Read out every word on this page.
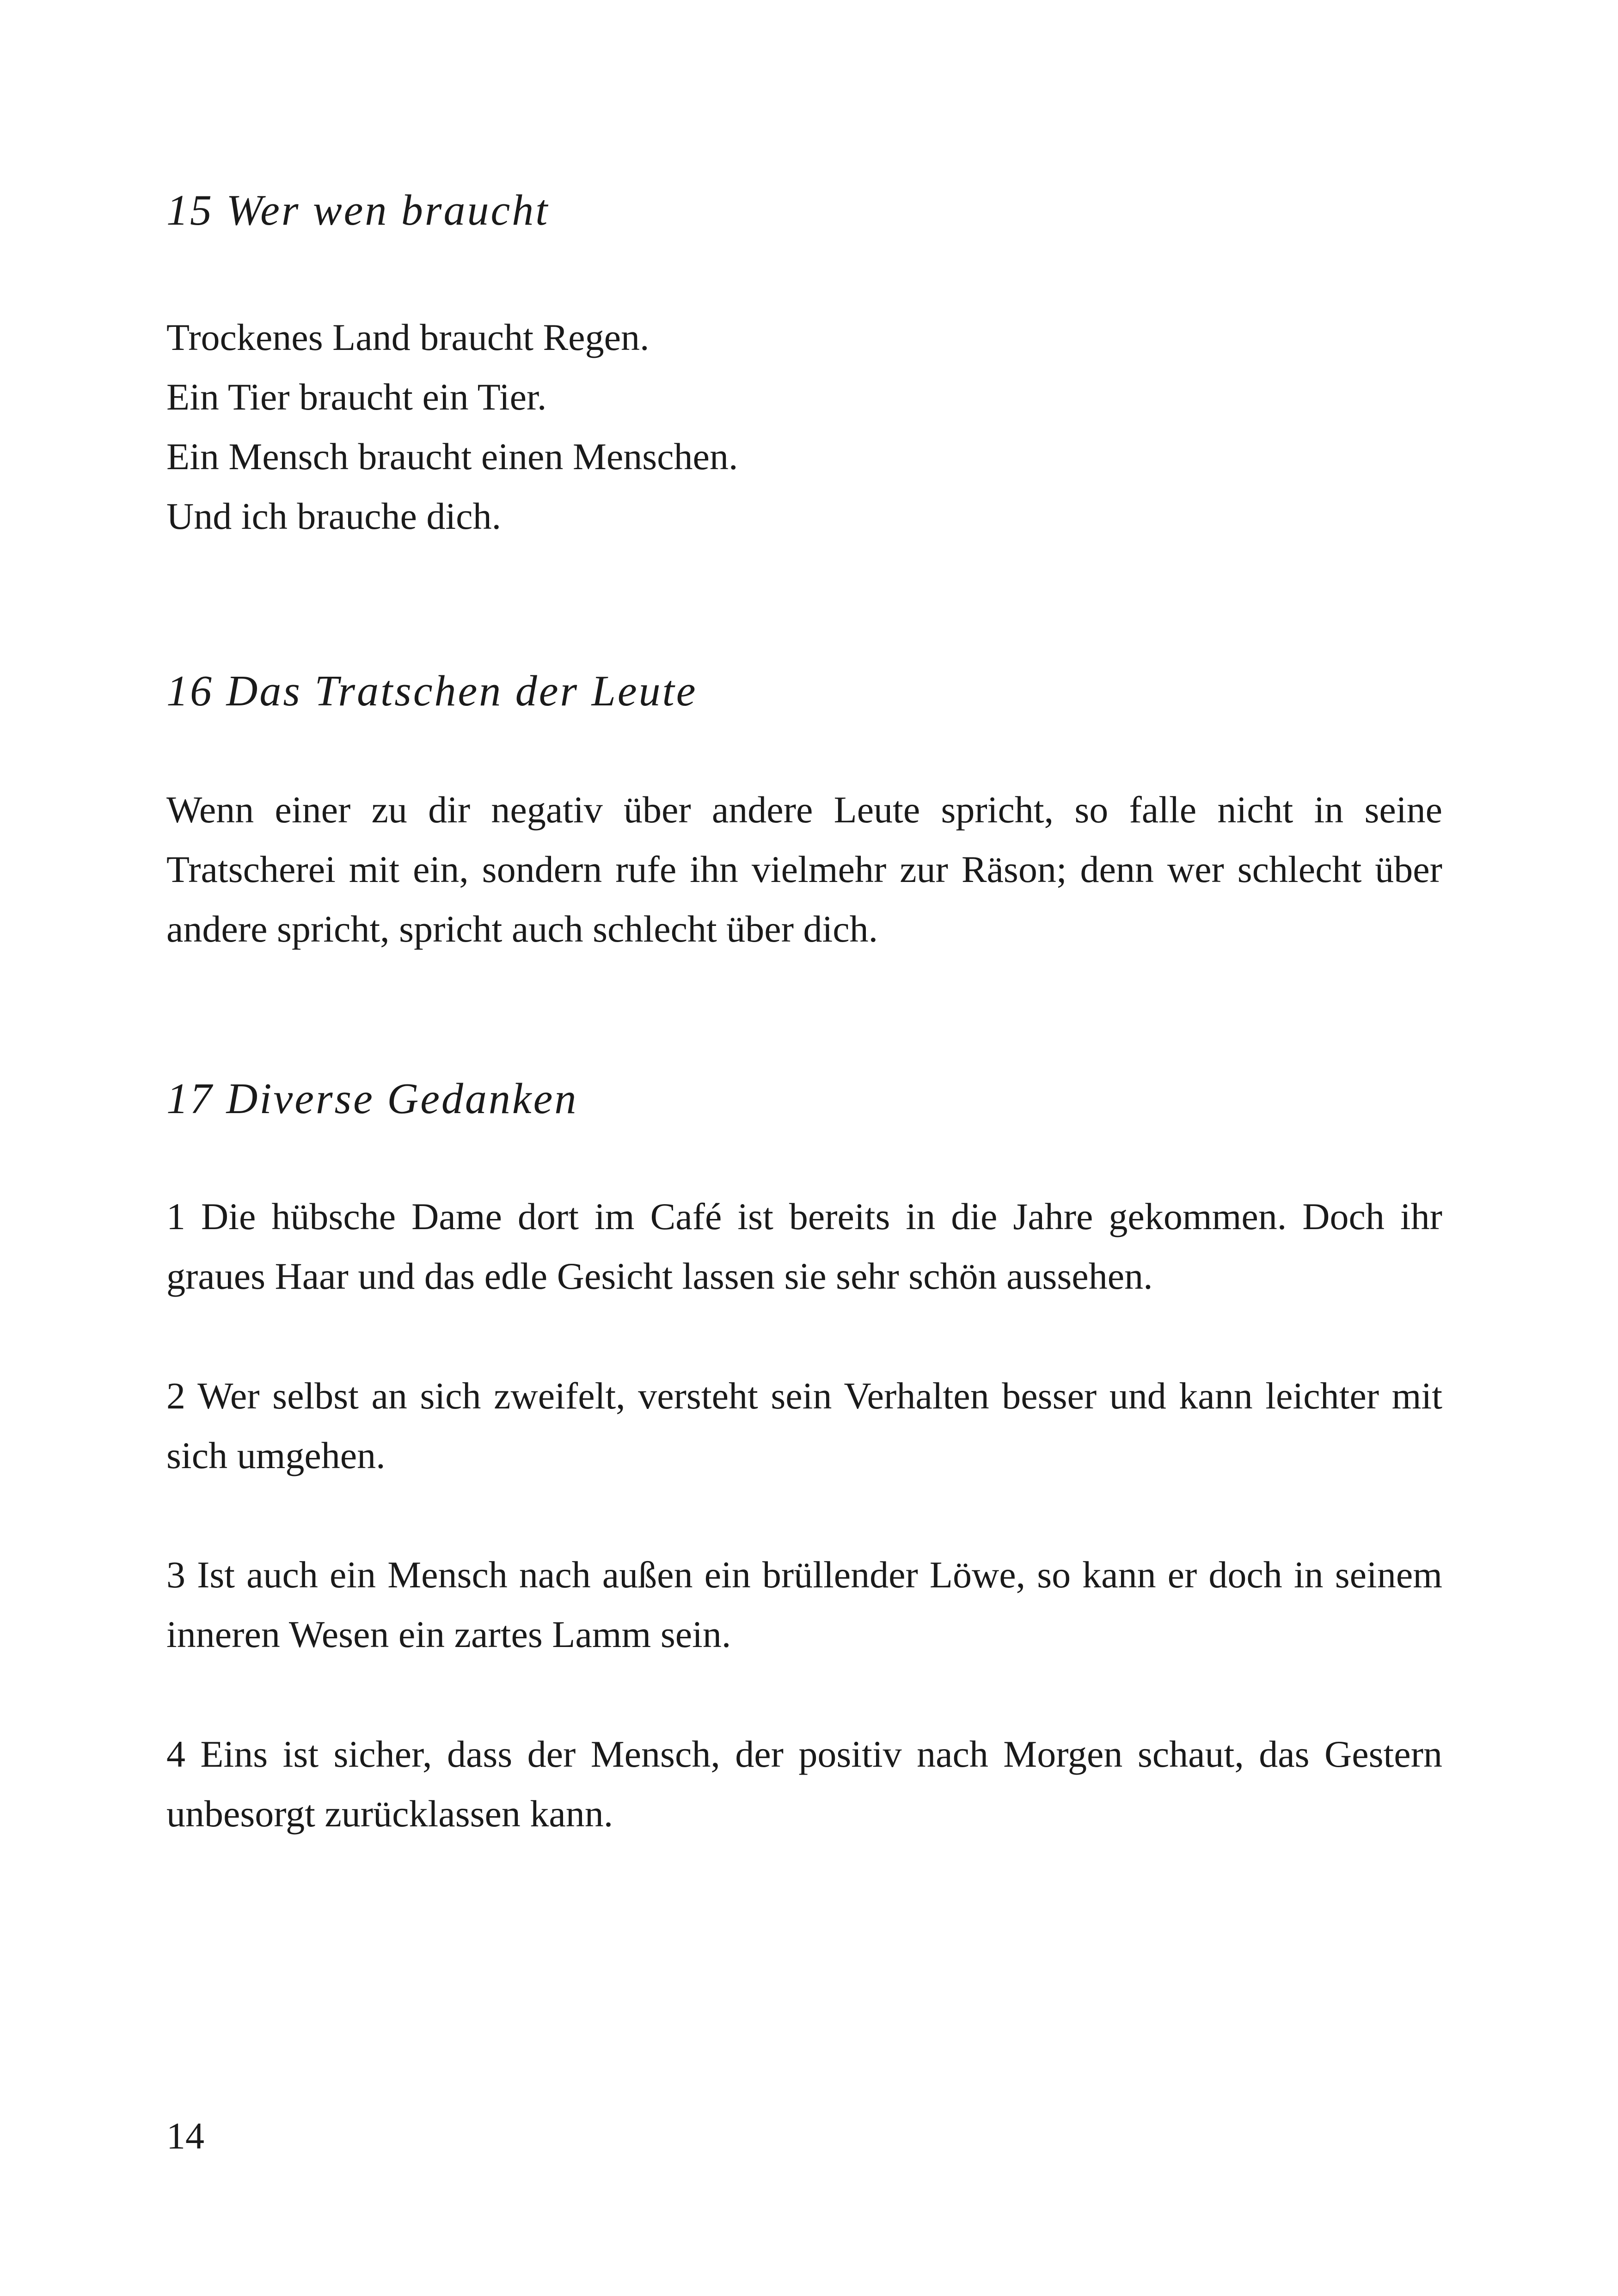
15 Wer wen braucht
Trockenes Land braucht Regen.
Ein Tier braucht ein Tier.
Ein Mensch braucht einen Menschen.
Und ich brauche dich.
16 Das Tratschen der Leute
Wenn einer zu dir negativ über andere Leute spricht, so falle nicht in seine Tratscherei mit ein, sondern rufe ihn vielmehr zur Räson; denn wer schlecht über andere spricht, spricht auch schlecht über dich.
17 Diverse Gedanken
1 Die hübsche Dame dort im Café ist bereits in die Jahre gekommen. Doch ihr graues Haar und das edle Gesicht lassen sie sehr schön aussehen.
2 Wer selbst an sich zweifelt, versteht sein Verhalten besser und kann leichter mit sich umgehen.
3 Ist auch ein Mensch nach außen ein brüllender Löwe, so kann er doch in seinem inneren Wesen ein zartes Lamm sein.
4 Eins ist sicher, dass der Mensch, der positiv nach Morgen schaut, das Gestern unbesorgt zurücklassen kann.
14
